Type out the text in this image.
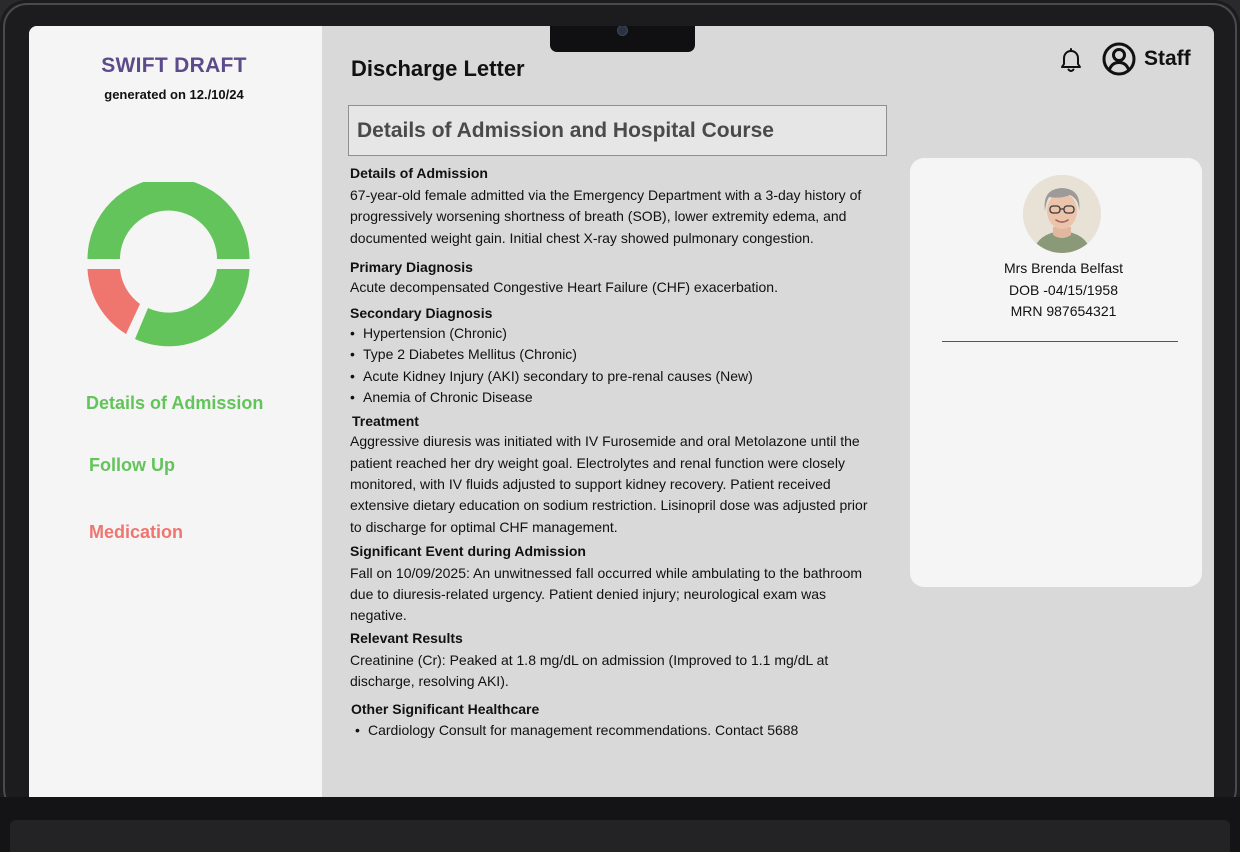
SWIFT DRAFT
generated on 12./10/24
Details of Admission
Follow Up
Medication
Discharge Letter	Staff
Details of Admission and Hospital Course

Details of Admission

67-year-old female admitted via the Emergency Department with a 3-day history of progressively worsening shortness of breath (SOB), lower extremity edema, and documented weight gain. Initial chest X-ray showed pulmonary congestion.

Primary Diagnosis

Acute decompensated Congestive Heart Failure (CHF) exacerbation.

Secondary Diagnosis

• Hypertension (Chronic)
• Type 2 Diabetes Mellitus (Chronic)
• Acute Kidney Injury (AKI) secondary to pre-renal causes (New)
• Anemia of Chronic Disease

Treatment

Aggressive diuresis was initiated with IV Furosemide and oral Metolazone until the patient reached her dry weight goal. Electrolytes and renal function were closely monitored, with IV fluids adjusted to support kidney recovery. Patient received extensive dietary education on sodium restriction. Lisinopril dose was adjusted prior to discharge for optimal CHF management.

Significant Event during Admission

Fall on 10/09/2025: An unwitnessed fall occurred while ambulating to the bathroom due to diuresis-related urgency. Patient denied injury; neurological exam was negative.

Relevant Results

Creatinine (Cr): Peaked at 1.8 mg/dL on admission (Improved to 1.1 mg/dL at discharge, resolving AKI).

Other Significant Healthcare

• Cardiology Consult for management recommendations. Contact 5688
Mrs Brenda Belfast
DOB -04/15/1958
MRN 987654321
